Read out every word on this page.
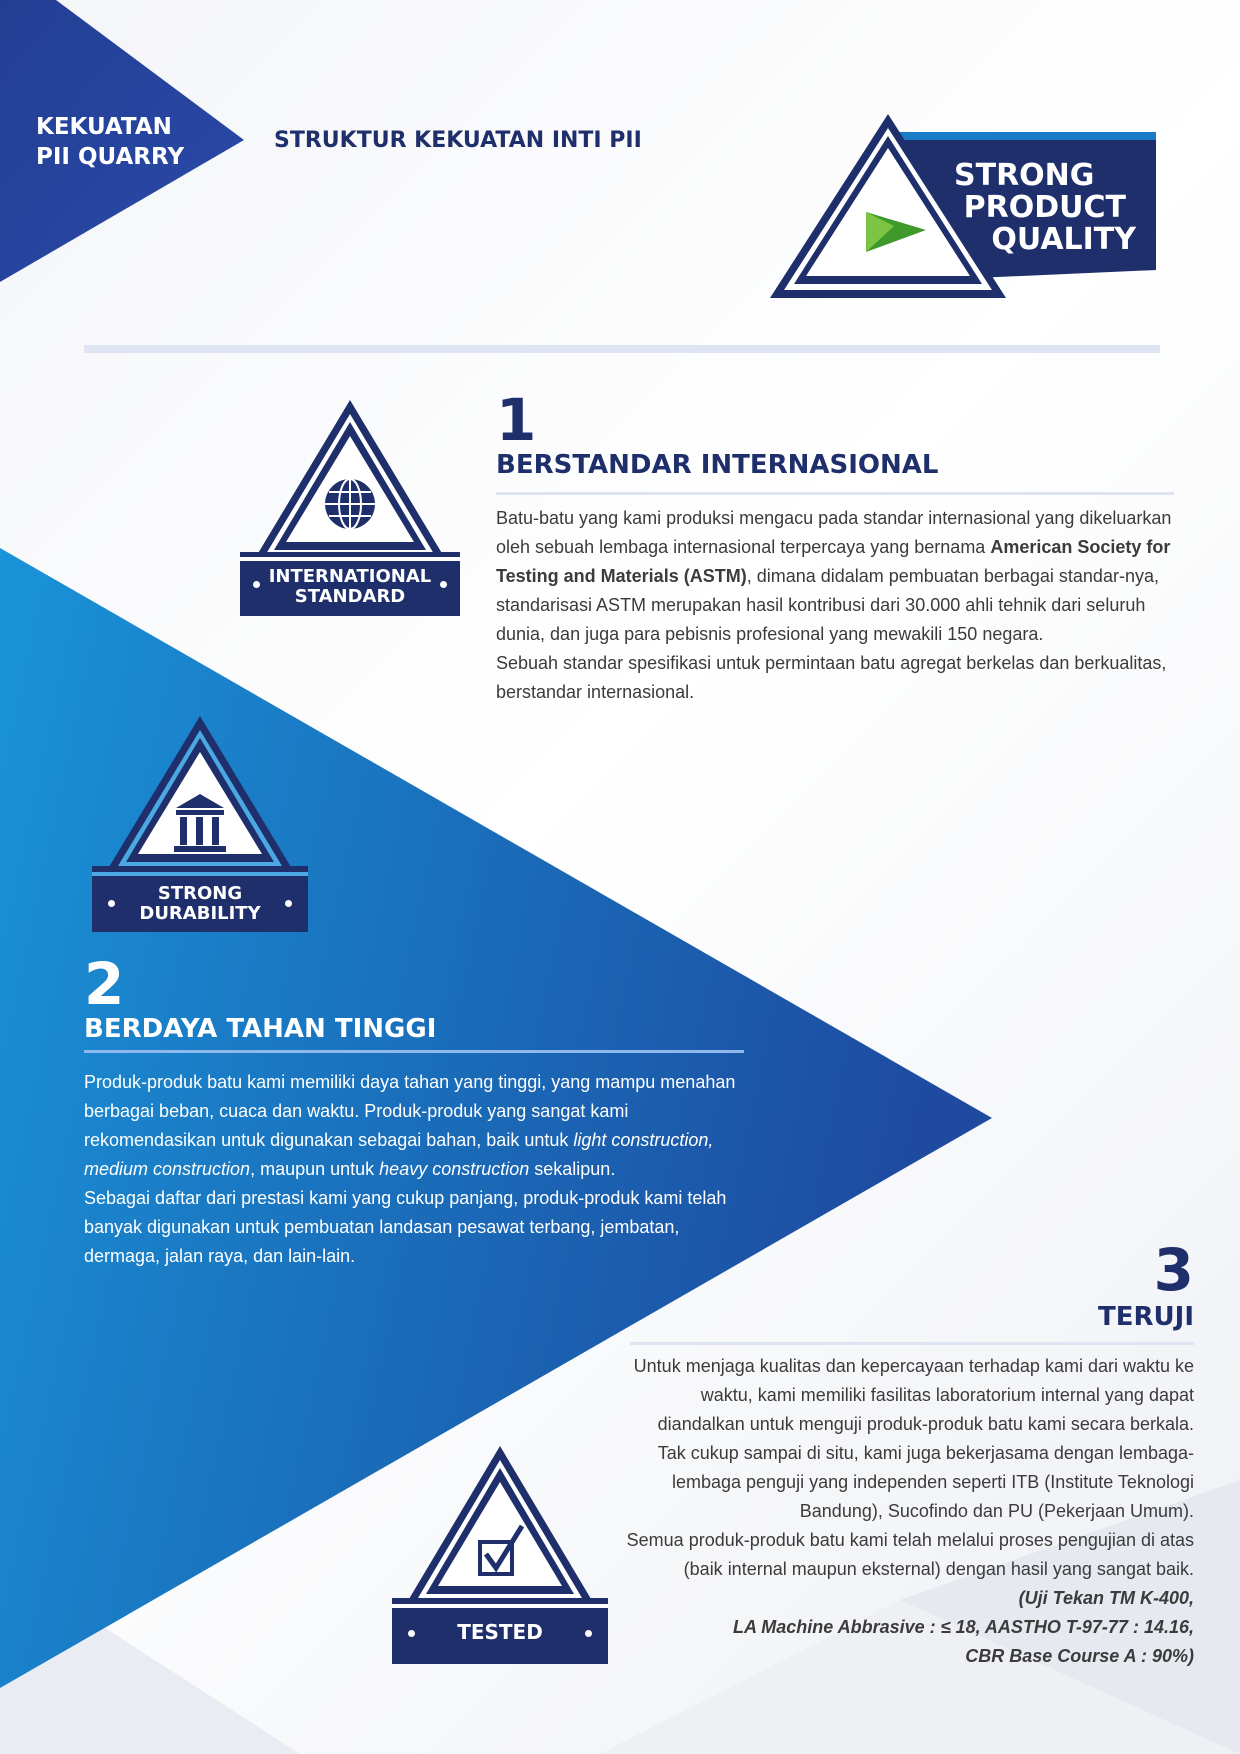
KEKUATAN
PII QUARRY
STRUKTUR KEKUATAN INTI PII
STRONG
PRODUCT
QUALITY
INTERNATIONAL
STANDARD
1
BERSTANDAR INTERNASIONAL
Batu-batu yang kami produksi mengacu pada standar internasional yang dikeluarkan oleh sebuah lembaga internasional terpercaya yang bernama American Society for Testing and Materials (ASTM), dimana didalam pembuatan berbagai standar-nya, standarisasi ASTM merupakan hasil kontribusi dari 30.000 ahli tehnik dari seluruh dunia, dan juga para pebisnis profesional yang mewakili 150 negara.
Sebuah standar spesifikasi untuk permintaan batu agregat berkelas dan berkualitas, berstandar internasional.
STRONG
DURABILITY
2
BERDAYA TAHAN TINGGI
Produk-produk batu kami memiliki daya tahan yang tinggi, yang mampu menahan berbagai beban, cuaca dan waktu. Produk-produk yang sangat kami rekomendasikan untuk digunakan sebagai bahan, baik untuk light construction, medium construction, maupun untuk heavy construction sekalipun.
Sebagai daftar dari prestasi kami yang cukup panjang, produk-produk kami telah banyak digunakan untuk pembuatan landasan pesawat terbang, jembatan, dermaga, jalan raya, dan lain-lain.	3
TERUJI
Untuk menjaga kualitas dan kepercayaan terhadap kami dari waktu ke waktu, kami memiliki fasilitas laboratorium internal yang dapat diandalkan untuk menguji produk-produk batu kami secara berkala.
Tak cukup sampai di situ, kami juga bekerjasama dengan lembaga-lembaga penguji yang independen seperti ITB (Institute Teknologi Bandung), Sucofindo dan PU (Pekerjaan Umum).
Semua produk-produk batu kami telah melalui proses pengujian di atas (baik internal maupun eksternal) dengan hasil yang sangat baik.
(Uji Tekan TM K-400,
LA Machine Abbrasive : ≤ 18, AASTHO T-97-77 : 14.16,
CBR Base Course A : 90%)
TESTED
